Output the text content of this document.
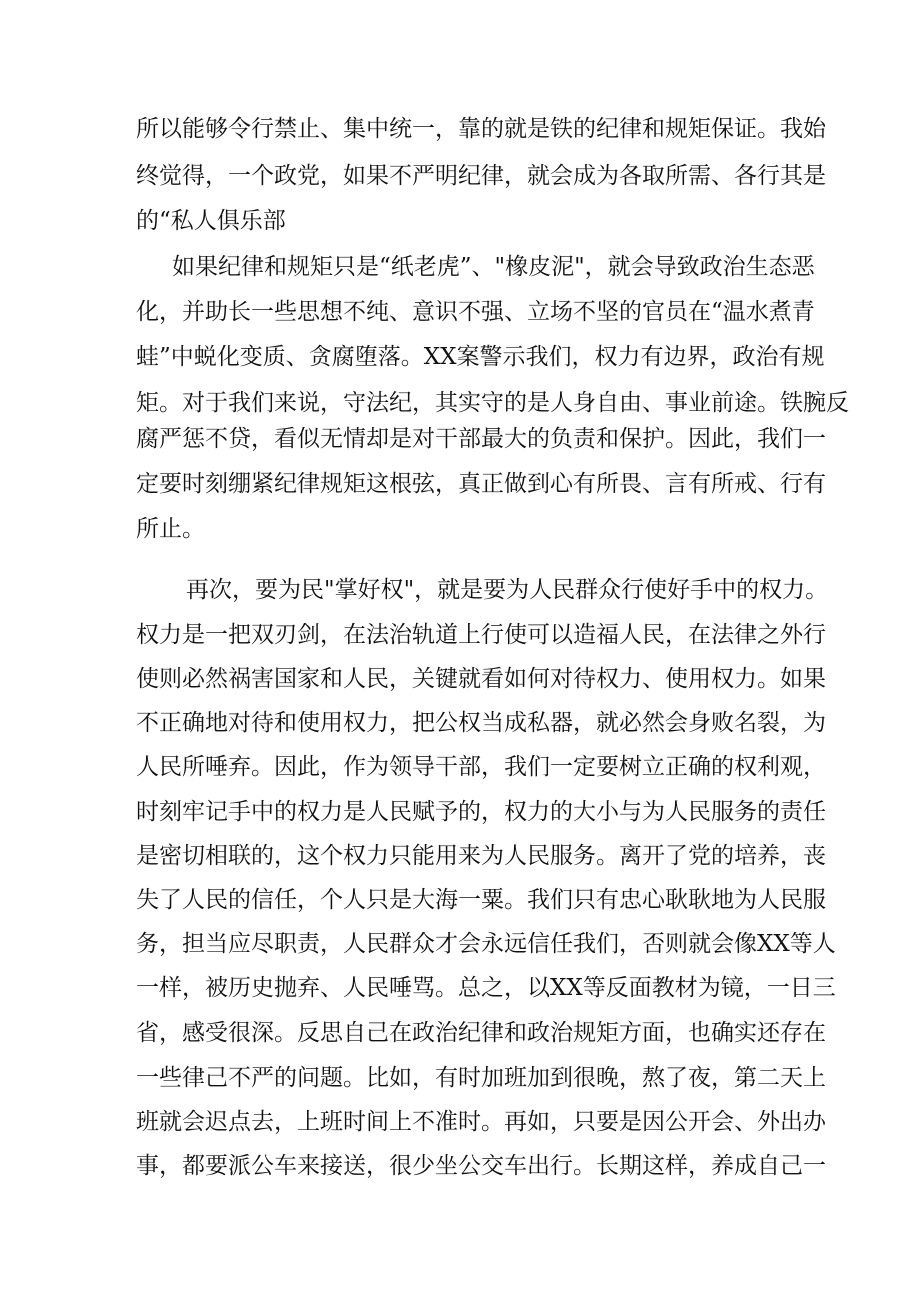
所以能够令行禁止、集中统一，靠的就是铁的纪律和规矩保证。我始
终觉得，一个政党，如果不严明纪律，就会成为各取所需、各行其是
的“私人俱乐部
如果纪律和规矩只是“纸老虎”、"橡皮泥"，就会导致政治生态恶
化，并助长一些思想不纯、意识不强、立场不坚的官员在“温水煮青
蛙”中蜕化变质、贪腐堕落。XX案警示我们，权力有边界，政治有规
矩。对于我们来说，守法纪，其实守的是人身自由、事业前途。铁腕反
腐严惩不贷，看似无情却是对干部最大的负责和保护。因此，我们一
定要时刻绷紧纪律规矩这根弦，真正做到心有所畏、言有所戒、行有
所止。
再次，要为民"掌好权"，就是要为人民群众行使好手中的权力。
权力是一把双刃剑，在法治轨道上行使可以造福人民，在法律之外行
使则必然祸害国家和人民，关键就看如何对待权力、使用权力。如果
不正确地对待和使用权力，把公权当成私器，就必然会身败名裂，为
人民所唾弃。因此，作为领导干部，我们一定要树立正确的权利观，
时刻牢记手中的权力是人民赋予的，权力的大小与为人民服务的责任
是密切相联的，这个权力只能用来为人民服务。离开了党的培养，丧
失了人民的信任，个人只是大海一粟。我们只有忠心耿耿地为人民服
务，担当应尽职责，人民群众才会永远信任我们，否则就会像XX等人
一样，被历史抛弃、人民唾骂。总之，以XX等反面教材为镜，一日三
省，感受很深。反思自己在政治纪律和政治规矩方面，也确实还存在
一些律己不严的问题。比如，有时加班加到很晚，熬了夜，第二天上
班就会迟点去，上班时间上不准时。再如，只要是因公开会、外出办
事，都要派公车来接送，很少坐公交车出行。长期这样，养成自己一
